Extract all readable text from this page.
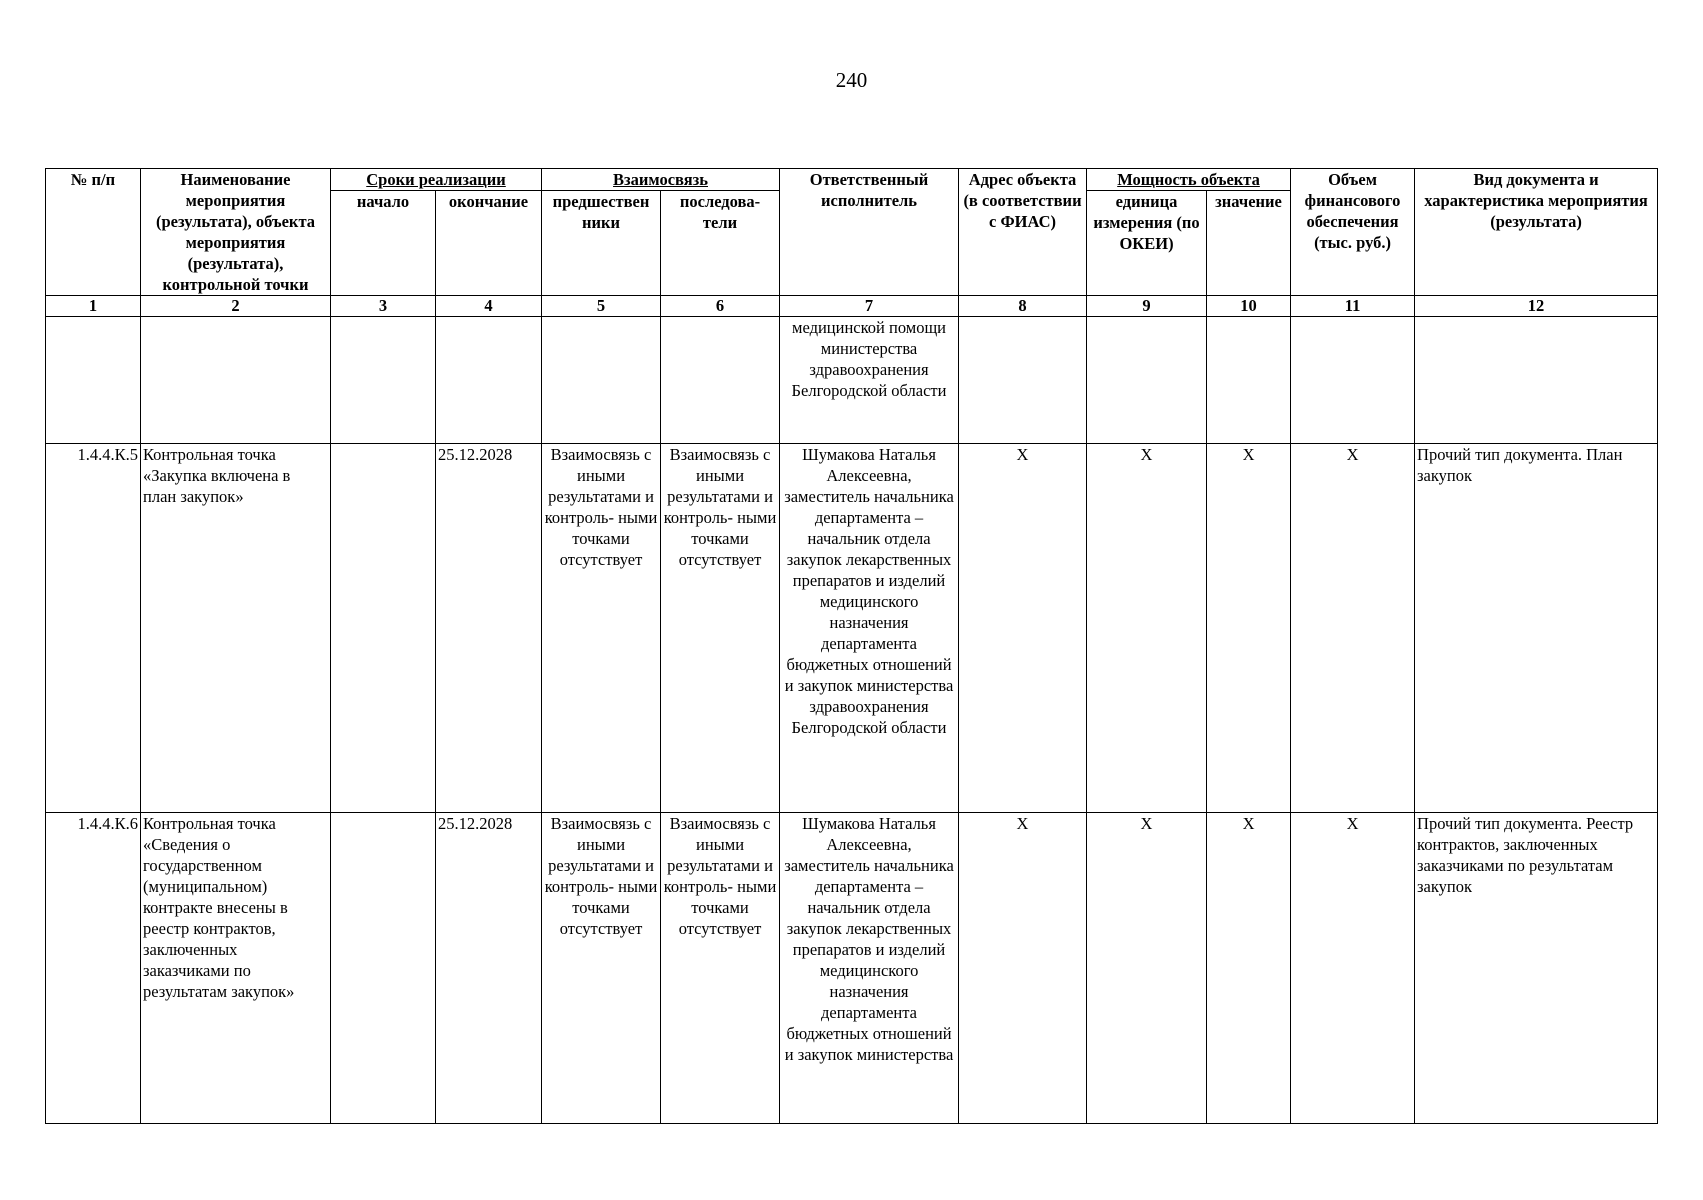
240
№ п/п	Наименование мероприятия (результата), объекта мероприятия (результата), контрольной точки	Сроки реализации		Взаимосвязь		Ответственный исполнитель	Адрес объекта (в соответствии с ФИАС)	Мощность объекта		Объем финансового обеспечения (тыс. руб.)	Вид документа и характеристика мероприятия (результата)
		начало	окончание	предшествен ники	последова- тели			единица измерения (по ОКЕИ)	значение		
1	2	3	4	5	6	7	8	9	10	11	12
						медицинской помощи министерства здравоохранения Белгородской области					
1.4.4.К.5	Контрольная точка «Закупка включена в план закупок»		25.12.2028	Взаимосвязь с иными результатами и контроль- ными точками отсутствует	Взаимосвязь с иными результатами и контроль- ными точками отсутствует	Шумакова Наталья Алексеевна, заместитель начальника департамента – начальник отдела закупок лекарственных препаратов и изделий медицинского назначения департамента бюджетных отношений и закупок министерства здравоохранения Белгородской области	Х	Х	Х	Х	Прочий тип документа. План закупок
1.4.4.К.6	Контрольная точка «Сведения о государственном (муниципальном) контракте внесены в реестр контрактов, заключенных заказчиками по результатам закупок»		25.12.2028	Взаимосвязь с иными результатами и контроль- ными точками отсутствует	Взаимосвязь с иными результатами и контроль- ными точками отсутствует	Шумакова Наталья Алексеевна, заместитель начальника департамента – начальник отдела закупок лекарственных препаратов и изделий медицинского назначения департамента бюджетных отношений и закупок министерства	Х	Х	Х	Х	Прочий тип документа. Реестр контрактов, заключенных заказчиками по результатам закупок
